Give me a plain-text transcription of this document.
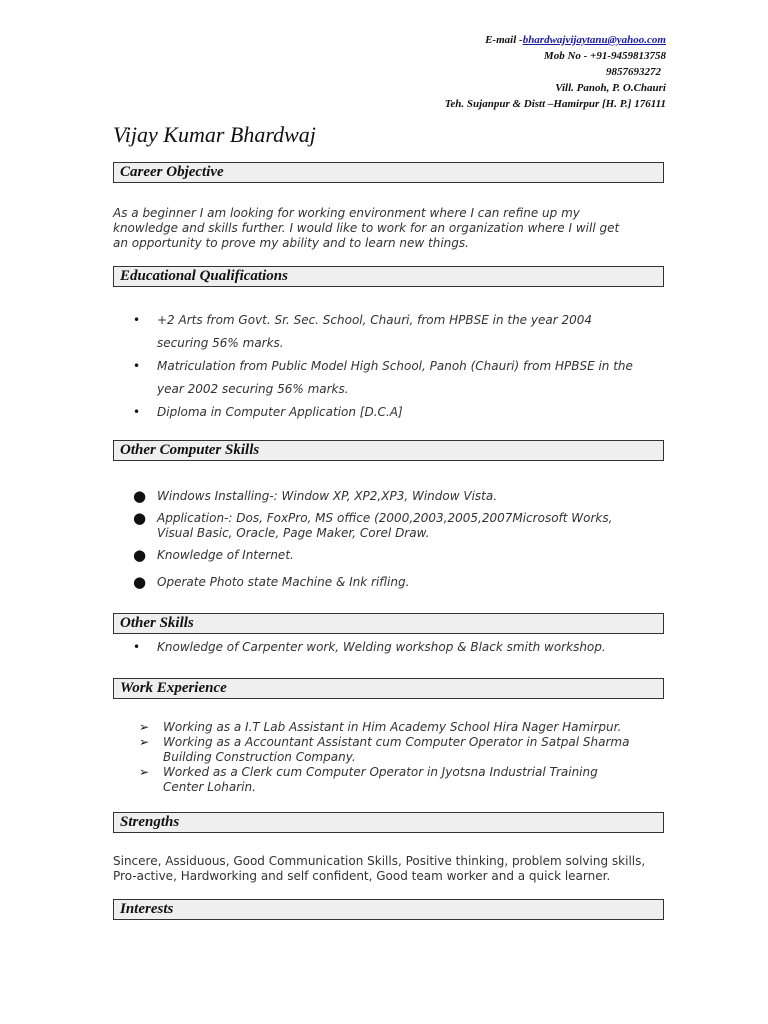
E-mail -bhardwajvijaytanu@yahoo.com
Mob No - +91-9459813758
9857693272
Vill. Panoh, P. O.Chauri
Teh. Sujanpur & Distt –Hamirpur [H. P.] 176111
Vijay Kumar Bhardwaj
Career Objective
As a beginner I am looking for working environment where I can refine up my
knowledge and skills further. I would like to work for an organization where I will get
an opportunity to prove my ability and to learn new things.
Educational Qualifications
• +2 Arts from Govt. Sr. Sec. School, Chauri, from HPBSE in the year 2004
securing 56% marks.
• Matriculation from Public Model High School, Panoh (Chauri) from HPBSE in the
year 2002 securing 56% marks.
• Diploma in Computer Application [D.C.A]
Other Computer Skills
● Windows Installing-: Window XP, XP2,XP3, Window Vista.
● Application-: Dos, FoxPro, MS office (2000,2003,2005,2007Microsoft Works,
Visual Basic, Oracle, Page Maker, Corel Draw.
● Knowledge of Internet.
● Operate Photo state Machine & Ink rifling.
Other Skills
• Knowledge of Carpenter work, Welding workshop & Black smith workshop.
Work Experience
➢ Working as a I.T Lab Assistant in Him Academy School Hira Nager Hamirpur.
➢ Working as a Accountant Assistant cum Computer Operator in Satpal Sharma
Building Construction Company.
➢ Worked as a Clerk cum Computer Operator in Jyotsna Industrial Training
Center Loharin.
Strengths
Sincere, Assiduous, Good Communication Skills, Positive thinking, problem solving skills,
Pro-active, Hardworking and self confident, Good team worker and a quick learner.
Interests
